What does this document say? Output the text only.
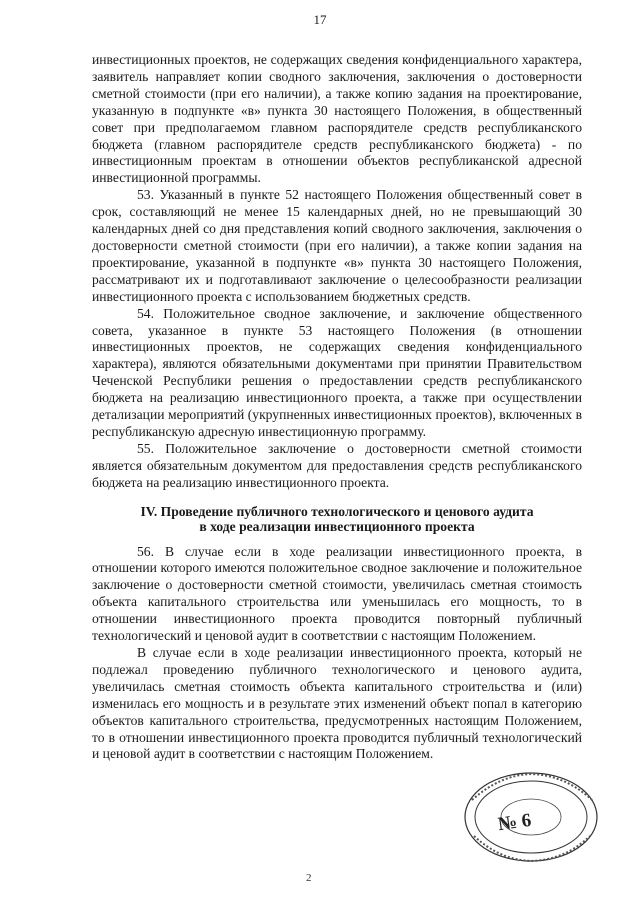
17

инвестиционных проектов, не содержащих сведения конфиденциального характера, заявитель направляет копии сводного заключения, заключения о достоверности сметной стоимости (при его наличии), а также копию задания на проектирование, указанную в подпункте «в» пункта 30 настоящего Положения, в общественный совет при предполагаемом главном распорядителе средств республиканского бюджета (главном распорядителе средств республиканского бюджета) - по инвестиционным проектам в отношении объектов республиканской адресной инвестиционной программы.

53. Указанный в пункте 52 настоящего Положения общественный совет в срок, составляющий не менее 15 календарных дней, но не превышающий 30 календарных дней со дня представления копий сводного заключения, заключения о достоверности сметной стоимости (при его наличии), а также копии задания на проектирование, указанной в подпункте «в» пункта 30 настоящего Положения, рассматривают их и подготавливают заключение о целесообразности реализации инвестиционного проекта с использованием бюджетных средств.

54. Положительное сводное заключение, и заключение общественного совета, указанное в пункте 53 настоящего Положения (в отношении инвестиционных проектов, не содержащих сведения конфиденциального характера), являются обязательными документами при принятии Правительством Чеченской Республики решения о предоставлении средств республиканского бюджета на реализацию инвестиционного проекта, а также при осуществлении детализации мероприятий (укрупненных инвестиционных проектов), включенных в республиканскую адресную инвестиционную программу.

55. Положительное заключение о достоверности сметной стоимости является обязательным документом для предоставления средств республиканского бюджета на реализацию инвестиционного проекта.

IV. Проведение публичного технологического и ценового аудита
в ходе реализации инвестиционного проекта

56. В случае если в ходе реализации инвестиционного проекта, в отношении которого имеются положительное сводное заключение и положительное заключение о достоверности сметной стоимости, увеличилась сметная стоимость объекта капитального строительства или уменьшилась его мощность, то в отношении инвестиционного проекта проводится повторный публичный технологический и ценовой аудит в соответствии с настоящим Положением.

В случае если в ходе реализации инвестиционного проекта, который не подлежал проведению публичного технологического и ценового аудита, увеличилась сметная стоимость объекта капитального строительства и (или) изменилась его мощность и в результате этих изменений объект попал в категорию объектов капитального строительства, предусмотренных настоящим Положением, то в отношении инвестиционного проекта проводится публичный технологический и ценовой аудит в соответствии с настоящим Положением.

№ 6
2
